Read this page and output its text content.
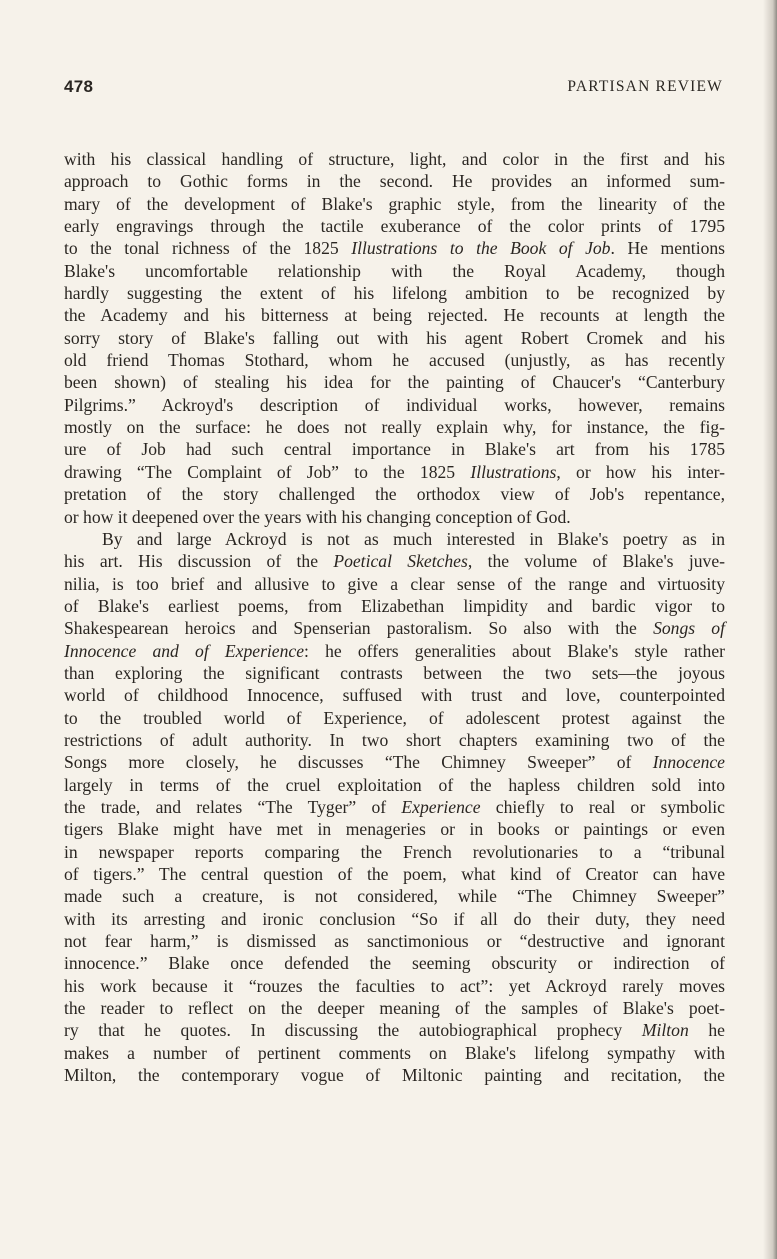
478	PARTISAN REVIEW
with his classical handling of structure, light, and color in the first and his
approach to Gothic forms in the second. He provides an informed sum-
mary of the development of Blake's graphic style, from the linearity of the
early engravings through the tactile exuberance of the color prints of 1795
to the tonal richness of the 1825 Illustrations to the Book of Job. He mentions
Blake's uncomfortable relationship with the Royal Academy, though
hardly suggesting the extent of his lifelong ambition to be recognized by
the Academy and his bitterness at being rejected. He recounts at length the
sorry story of Blake's falling out with his agent Robert Cromek and his
old friend Thomas Stothard, whom he accused (unjustly, as has recently
been shown) of stealing his idea for the painting of Chaucer's “Canterbury
Pilgrims.” Ackroyd's description of individual works, however, remains
mostly on the surface: he does not really explain why, for instance, the fig-
ure of Job had such central importance in Blake's art from his 1785
drawing “The Complaint of Job” to the 1825 Illustrations, or how his inter-
pretation of the story challenged the orthodox view of Job's repentance,
or how it deepened over the years with his changing conception of God.
By and large Ackroyd is not as much interested in Blake's poetry as in
his art. His discussion of the Poetical Sketches, the volume of Blake's juve-
nilia, is too brief and allusive to give a clear sense of the range and virtuosity
of Blake's earliest poems, from Elizabethan limpidity and bardic vigor to
Shakespearean heroics and Spenserian pastoralism. So also with the Songs of
Innocence and of Experience: he offers generalities about Blake's style rather
than exploring the significant contrasts between the two sets—the joyous
world of childhood Innocence, suffused with trust and love, counterpointed
to the troubled world of Experience, of adolescent protest against the
restrictions of adult authority. In two short chapters examining two of the
Songs more closely, he discusses “The Chimney Sweeper” of Innocence
largely in terms of the cruel exploitation of the hapless children sold into
the trade, and relates “The Tyger” of Experience chiefly to real or symbolic
tigers Blake might have met in menageries or in books or paintings or even
in newspaper reports comparing the French revolutionaries to a “tribunal
of tigers.” The central question of the poem, what kind of Creator can have
made such a creature, is not considered, while “The Chimney Sweeper”
with its arresting and ironic conclusion “So if all do their duty, they need
not fear harm,” is dismissed as sanctimonious or “destructive and ignorant
innocence.” Blake once defended the seeming obscurity or indirection of
his work because it “rouzes the faculties to act”: yet Ackroyd rarely moves
the reader to reflect on the deeper meaning of the samples of Blake's poet-
ry that he quotes. In discussing the autobiographical prophecy Milton he
makes a number of pertinent comments on Blake's lifelong sympathy with
Milton, the contemporary vogue of Miltonic painting and recitation, the
